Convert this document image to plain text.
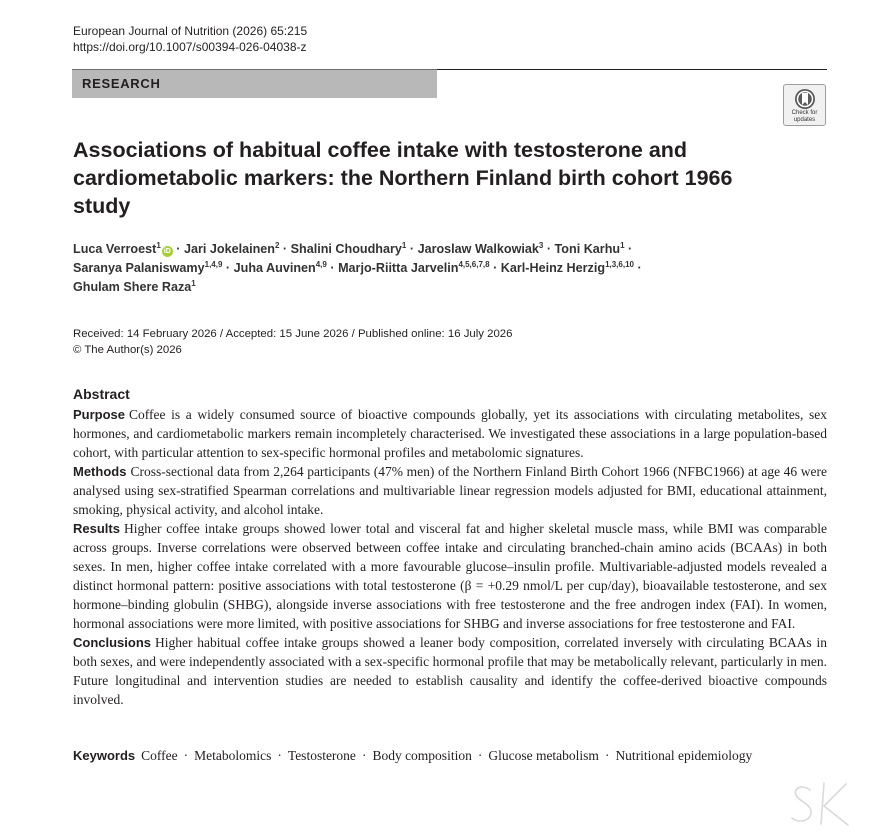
European Journal of Nutrition (2026) 65:215
https://doi.org/10.1007/s00394-026-04038-z
RESEARCH
Check for
updates
Associations of habitual coffee intake with testosterone and cardiometabolic markers: the Northern Finland birth cohort 1966 study
Luca Verroest$^1$iD · Jari Jokelainen$^2$ · Shalini Choudhary$^1$ · Jaroslaw Walkowiak$^3$ · Toni Karhu$^1$ ·
Saranya Palaniswamy$^{1,4,9}$ · Juha Auvinen$^{4,9}$ · Marjo-Riitta Jarvelin$^{4,5,6,7,8}$ · Karl-Heinz Herzig$^{1,3,6,10}$ ·
Ghulam Shere Raza$^1$
Received: 14 February 2026 / Accepted: 15 June 2026 / Published online: 16 July 2026
© The Author(s) 2026
Abstract

Purpose Coffee is a widely consumed source of bioactive compounds globally, yet its associations with circulating metabolites, sex hormones, and cardiometabolic markers remain incompletely characterised. We investigated these associations in a large population-based cohort, with particular attention to sex-specific hormonal profiles and metabolomic signatures.

Methods Cross-sectional data from 2,264 participants (47% men) of the Northern Finland Birth Cohort 1966 (NFBC1966) at age 46 were analysed using sex-stratified Spearman correlations and multivariable linear regression models adjusted for BMI, educational attainment, smoking, physical activity, and alcohol intake.

Results Higher coffee intake groups showed lower total and visceral fat and higher skeletal muscle mass, while BMI was comparable across groups. Inverse correlations were observed between coffee intake and circulating branched-chain amino acids (BCAAs) in both sexes. In men, higher coffee intake correlated with a more favourable glucose–insulin profile. Multivariable-adjusted models revealed a distinct hormonal pattern: positive associations with total testosterone (β = +0.29 nmol/L per cup/day), bioavailable testosterone, and sex hormone–binding globulin (SHBG), alongside inverse associations with free testosterone and the free androgen index (FAI). In women, hormonal associations were more limited, with positive associations for SHBG and inverse associations for free testosterone and FAI.

Conclusions Higher habitual coffee intake groups showed a leaner body composition, correlated inversely with circulating BCAAs in both sexes, and were independently associated with a sex-specific hormonal profile that may be metabolically relevant, particularly in men. Future longitudinal and intervention studies are needed to establish causality and identify the coffee-derived bioactive compounds involved.

Keywords Coffee · Metabolomics · Testosterone · Body composition · Glucose metabolism · Nutritional epidemiology
